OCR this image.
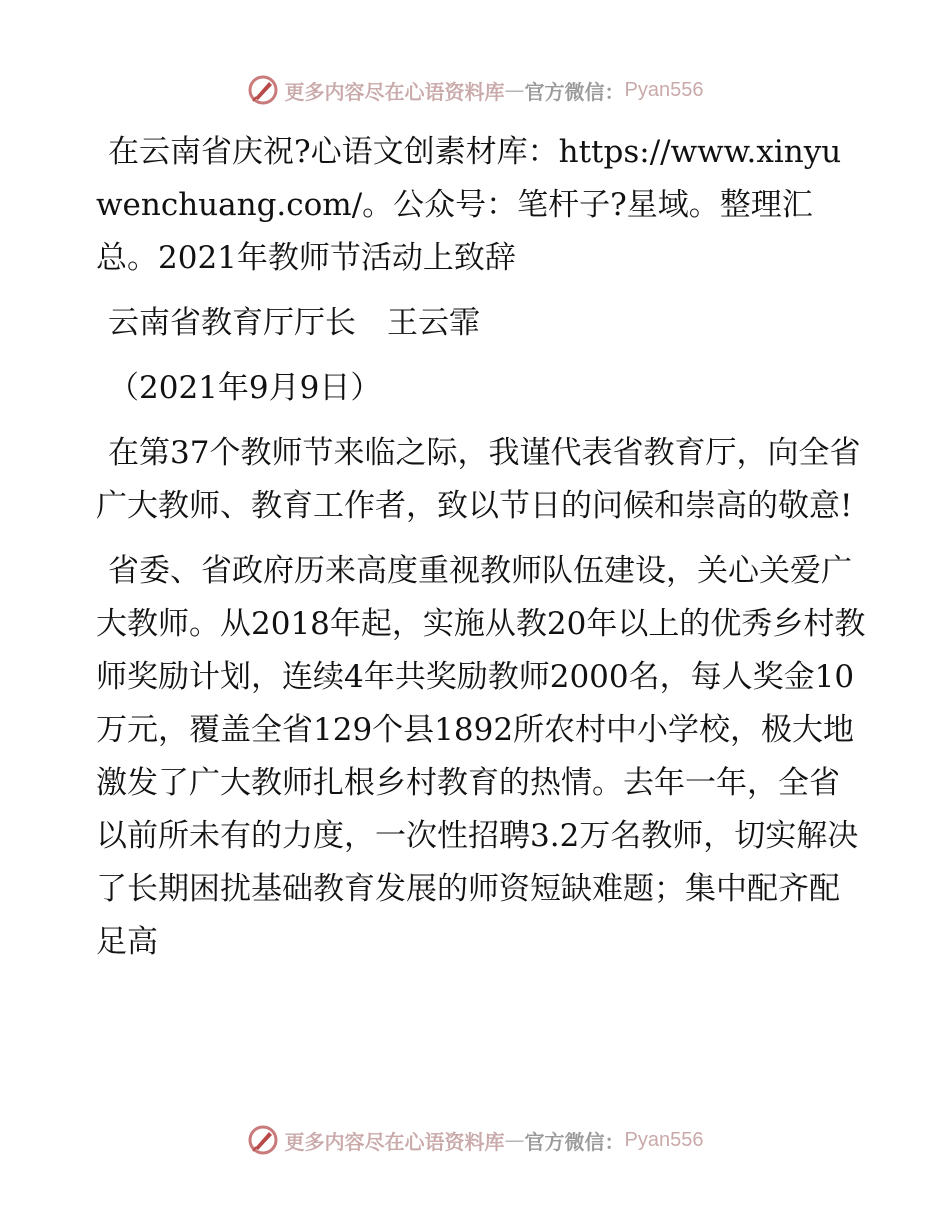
更多内容尽在心语资料库 — 官方微信： Pyan556

在云南省庆祝?心语文创素材库：https://www.xinyuwenchuang.com/。公众号：笔杆子?星域。整理汇总。2021年教师节活动上致辞

云南省教育厅厅长　王云霏

（2021年9月9日）

在第37个教师节来临之际，我谨代表省教育厅，向全省广大教师、教育工作者，致以节日的问候和崇高的敬意!

省委、省政府历来高度重视教师队伍建设，关心关爱广大教师。从2018年起，实施从教20年以上的优秀乡村教师奖励计划，连续4年共奖励教师2000名，每人奖金10万元，覆盖全省129个县1892所农村中小学校，极大地激发了广大教师扎根乡村教育的热情。去年一年，全省以前所未有的力度，一次性招聘3.2万名教师，切实解决了长期困扰基础教育发展的师资短缺难题；集中配齐配足高

更多内容尽在心语资料库 — 官方微信： Pyan556
